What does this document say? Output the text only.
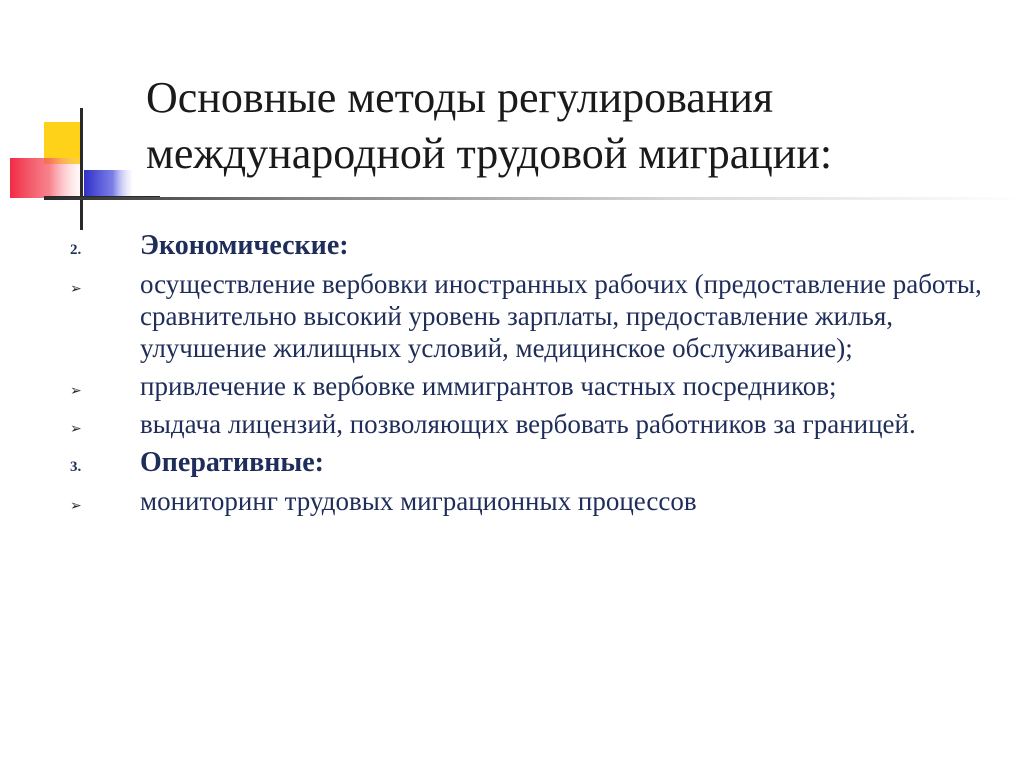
Основные методы регулирования
международной трудовой миграции:
2. Экономические:
➢ осуществление вербовки иностранных рабочих (предоставление работы, сравнительно высокий уровень зарплаты, предоставление жилья, улучшение жилищных условий, медицинское обслуживание);
➢ привлечение к вербовке иммигрантов частных посредников;
➢ выдача лицензий, позволяющих вербовать работников за границей.
3. Оперативные:
➢ мониторинг трудовых миграционных процессов
